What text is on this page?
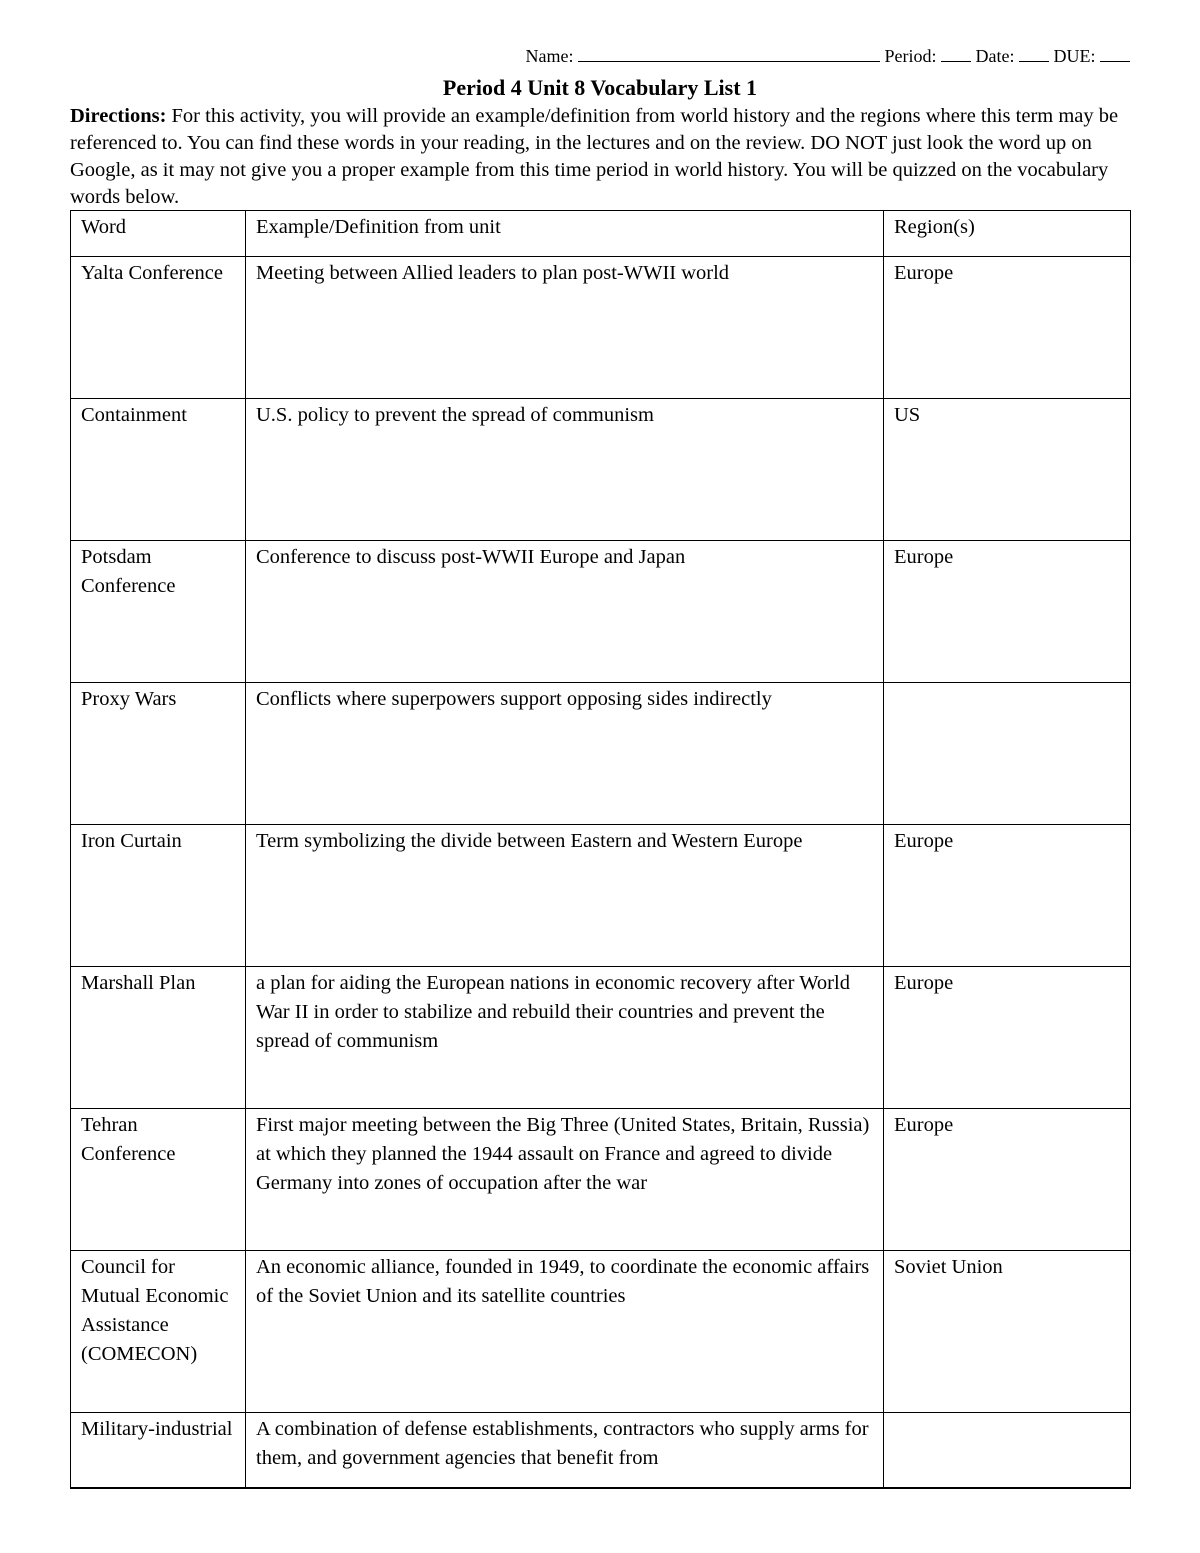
Name:	Period: Date: DUE:
Period 4 Unit 8 Vocabulary List 1
Directions: For this activity, you will provide an example/definition from world history and the regions where this term may be referenced to. You can find these words in your reading, in the lectures and on the review. DO NOT just look the word up on Google, as it may not give you a proper example from this time period in world history. You will be quizzed on the vocabulary words below.
Word	Example/Definition from unit	Region(s)
Yalta Conference	Meeting between Allied leaders to plan post-WWII world	Europe
Containment	U.S. policy to prevent the spread of communism	US
Potsdam Conference	Conference to discuss post-WWII Europe and Japan	Europe
Proxy Wars	Conflicts where superpowers support opposing sides indirectly	
Iron Curtain	Term symbolizing the divide between Eastern and Western Europe	Europe
Marshall Plan	a plan for aiding the European nations in economic recovery after World War II in order to stabilize and rebuild their countries and prevent the spread of communism	Europe
Tehran Conference	First major meeting between the Big Three (United States, Britain, Russia) at which they planned the 1944 assault on France and agreed to divide Germany into zones of occupation after the war	Europe
Council for Mutual Economic Assistance (COMECON)	An economic alliance, founded in 1949, to coordinate the economic affairs of the Soviet Union and its satellite countries	Soviet Union
Military-industrial	A combination of defense establishments, contractors who supply arms for them, and government agencies that benefit from	
